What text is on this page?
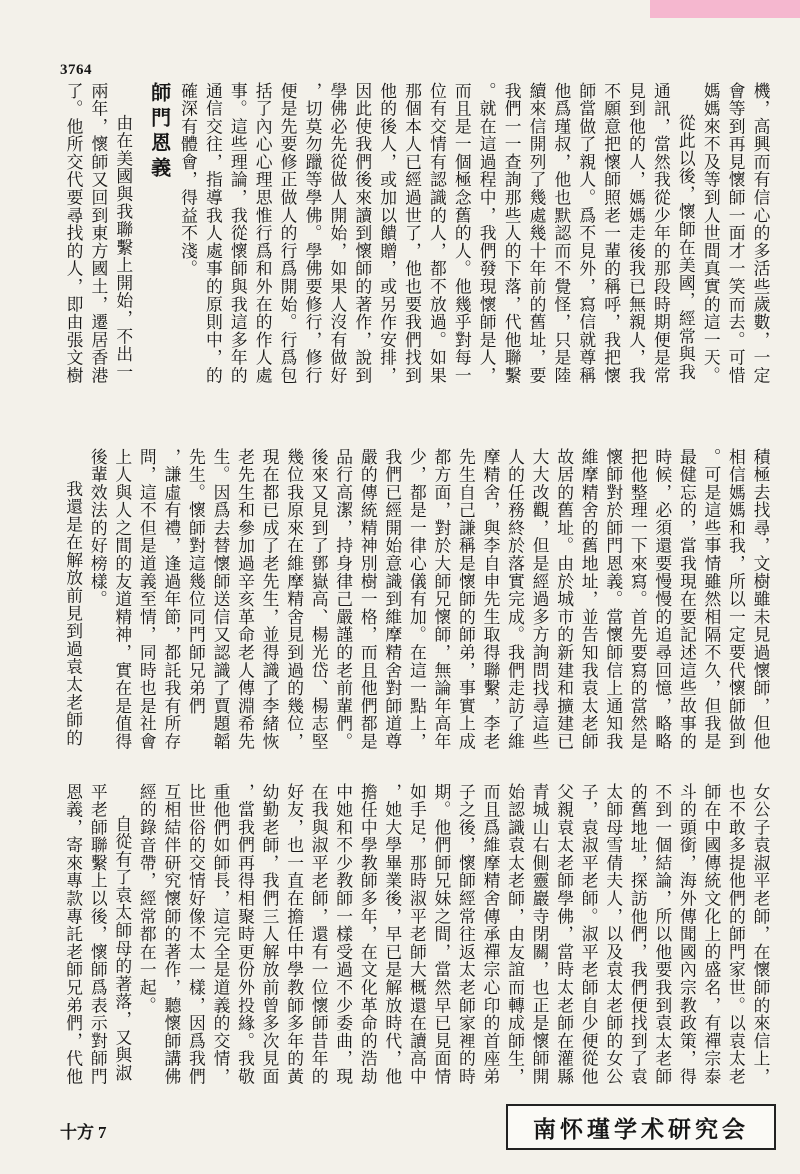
3764
機，高興而有信心的多活些歲數，一定
會等到再見懷師一面才一笑而去。可惜
媽媽來不及等到人世間真實的這一天。
從此以後，懷師在美國，經常與我
通訊，當然我從少年的那段時期便是常
見到他的人，媽媽走後我已無親人，我
不願意把懷師照老一輩的稱呼，我把懷
師當做了親人。爲不見外，寫信就尊稱
他爲瑾叔，他也默認而不覺怪，只是陸
續來信開列了幾處幾十年前的舊址，要
我們一一查詢那些人的下落，代他聯繫
。就在這過程中，我們發現懷師是人，
而且是一個極念舊的人。他幾乎對每一
位有交情有認識的人，都不放過。如果
那個本人已經過世了，他也要我們找到
他的後人，或加以饋贈，或另作安排，
因此使我們後來讀到懷師的著作，說到
學佛必先從做人開始，如果人沒有做好
，切莫勿躐等學佛。學佛要修行，修行
便是先要修正做人的行爲開始。行爲包
括了內心心理思惟行爲和外在的作人處
事。這些理論，我從懷師與我這多年的
通信交往，指導我人處事的原則中，的
確深有體會，得益不淺。
師門恩義
由在美國與我聯繫上開始，不出一
兩年，懷師又回到東方國土，遷居香港
了。他所交代要尋找的人，即由張文樹
積極去找尋，文樹雖未見過懷師，但他
相信媽媽和我，所以一定要代懷師做到
。可是這些事情雖然相隔不久，但我是
最健忘的，當我現在要記述這些故事的
時候，必須還要慢慢的追尋回憶，略略
把他整理一下來寫。首先要寫的當然是
懷師對於師門恩義。當懷師信上通知我
維摩精舍的舊地址，並告知我袁太老師
故居的舊址。由於城市的新建和擴建已
大大改觀，但是經過多方詢問找尋這些
人的任務終於落實完成。我們走訪了維
摩精舍，與李自申先生取得聯繫，李老
先生自己謙稱是懷師的師弟，事實上成
都方面，對於大師兄懷師，無論年高年
少，都是一律心儀有加。在這一點上，
我們已經開始意識到維摩精舍對師道尊
嚴的傳統精神別樹一格，而且他們都是
品行高潔，持身律己嚴謹的老前輩們。
後來又見到了鄧嶽高、楊光岱、楊志堅
幾位我原來在維摩精舍見到過的幾位，
現在都已成了老先生，並得識了李緒恢
老先生和參加過辛亥革命老人傳淵希先
生。因爲去替懷師送信又認識了賈題韜
先生。懷師對這幾位同門師兄弟們
，謙虛有禮，逢過年節，都託我有所存
問，這不但是道義至情，同時也是社會
上人與人之間的友道精神，實在是值得
後輩效法的好榜樣。
我還是在解放前見到過袁太老師的
女公子袁淑平老師，在懷師的來信上，
也不敢多提他們的師門家世。以袁太老
師在中國傳統文化上的盛名，有禪宗泰
斗的頭銜，海外傳聞國內宗教政策，得
不到一個結論，所以他要我到袁太老師
的舊地址，探訪他們，我們便找到了袁
太師母雪倩夫人，以及袁太老師的女公
子，袁淑平老師。淑平老師自少便從他
父親袁太老師學佛，當時太老師在灌縣
青城山右側靈巖寺閉關，也正是懷師開
始認識袁太老師，由友誼而轉成師生，
而且爲維摩精舍傳承禪宗心印的首座弟
子之後，懷師經常往返太老師家裡的時
期。他們師兄妹之間，當然早已見面情
如手足，那時淑平老師大概還在讀高中
，她大學畢業後，早已是解放時代，他
擔任中學教師多年，在文化革命的浩劫
中她和不少教師一樣受過不少委曲，現
在我與淑平老師，還有一位懷師昔年的
好友，也一直在擔任中學教師多年的黃
幼勤老師，我們三人解放前曾多次見面
，當我們再得相聚時更份外投緣。我敬
重他們如師長，這完全是道義的交情，
比世俗的交情好像不太一樣，因爲我們
互相結伴研究懷師的著作，聽懷師講佛
經的錄音帶，經常都在一起。
自從有了袁太師母的著落，又與淑
平老師聯繫上以後，懷師爲表示對師門
恩義，寄來專款專託老師兄弟們，代他
十方 7	南怀瑾学术研究会
